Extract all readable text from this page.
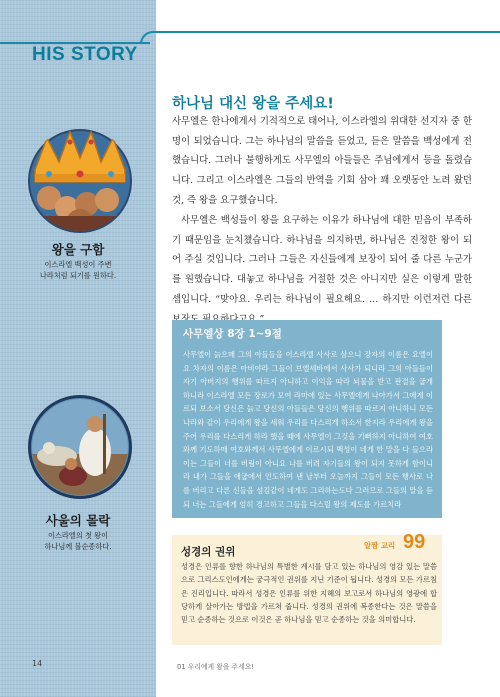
HIS STORY
왕을 구함
이스라엘 백성이 주변
나라처럼 되기를 원하다.
사울의 몰락
이스라엘의 첫 왕이
하나님께 불순종하다.
하나님 대신 왕을 주세요!

사무엘은 한나에게서 기적적으로 태어나, 이스라엘의 위대한 선지자 중 한 명이 되었습니다. 그는 하나님의 말씀을 듣었고, 듣은 말씀을 백성에게 전했습니다. 그러나 불행하게도 사무엘의 아들들은 주님에게서 등을 돌렸습니다. 그리고 이스라엘은 그들의 반역을 기회 삼아 꽤 오랫동안 노려 왔던 것, 즉 왕을 요구했습니다.

사무엘은 백성들이 왕을 요구하는 이유가 하나님에 대한 믿음이 부족하기 때문임을 눈치챘습니다. 하나님을 의지하면, 하나님은 진정한 왕이 되어 주실 것입니다. 그러나 그들은 자신들에게 보장이 되어 줄 다른 누군가를 원했습니다. 대놓고 하나님을 거절한 것은 아니지만 실은 이렇게 말한 셈입니다. “맞아요. 우리는 하나님이 필요해요. … 하지만 이런저런 다른

사무엘상 8장 1~9절

사무엘이 늙으매 그의 아들들을 이스라엘 사사로 삼으니 장자의 이름은 요엘이요 차자의 이름은 아비야라 그들이 브엘세바에서 사사가 되니라 그의 아들들이 자기 아버지의 행위를 따르지 아니하고 이익을 따라 뇌물을 받고 판결을 굽게 하니라 이스라엘 모든 장로가 모여 라마에 있는 사무엘에게 나아가서 그에게 이르되 보소서 당신은 늙고 당신의 아들들은 당신의 행위를 따르지 아니하니 모든 나라와 같이 우리에게 왕을 세워 우리를 다스리게 하소서 한지라 우리에게 왕을 주어 우리를 다스리게 하라 했을 때에 사무엘이 그것을 기뻐하지 아니하여 여호와께 기도하매 여호와께서 사무엘에게 이르시되 백성이 네게 한 말을 다 들으라 이는 그들이 너를 버림이 아니요 나를 버려 자기들의 왕이 되지 못하게 함이니라 내가 그들을 애굽에서 인도하여 낸 날부터 오늘까지 그들이 모든 행사로 나를 버리고 다른 신들을 섬김같이 네게도 그리하는도다 그러므로 그들의 말을 듣되 너는 그들에게 엄히 경고하고 그들을 다스릴 왕의 제도를 가르치라

알짬 교리 99
성경의 권위

성경은 인류를 향한 하나님의 특별한 계시를 담고 있는 하나님의 영감 있는 말씀으로 그리스도인에게는 궁극적인 권위를 지닌 기준이 됩니다. 성경의 모든 가르침은 진리입니다. 따라서 성경은 인류를 위한 지혜의 보고로서 하나님의 영광에 합당하게 살아가는 방법을 가르쳐 줍니다. 성경의 권위에 복종한다는 것은 말씀을 믿고 순종하는 것으로 이것은 곧 하나님을 믿고 순종하는 것을 의미합니다.

14	01 우리에게 왕을 주세요!
